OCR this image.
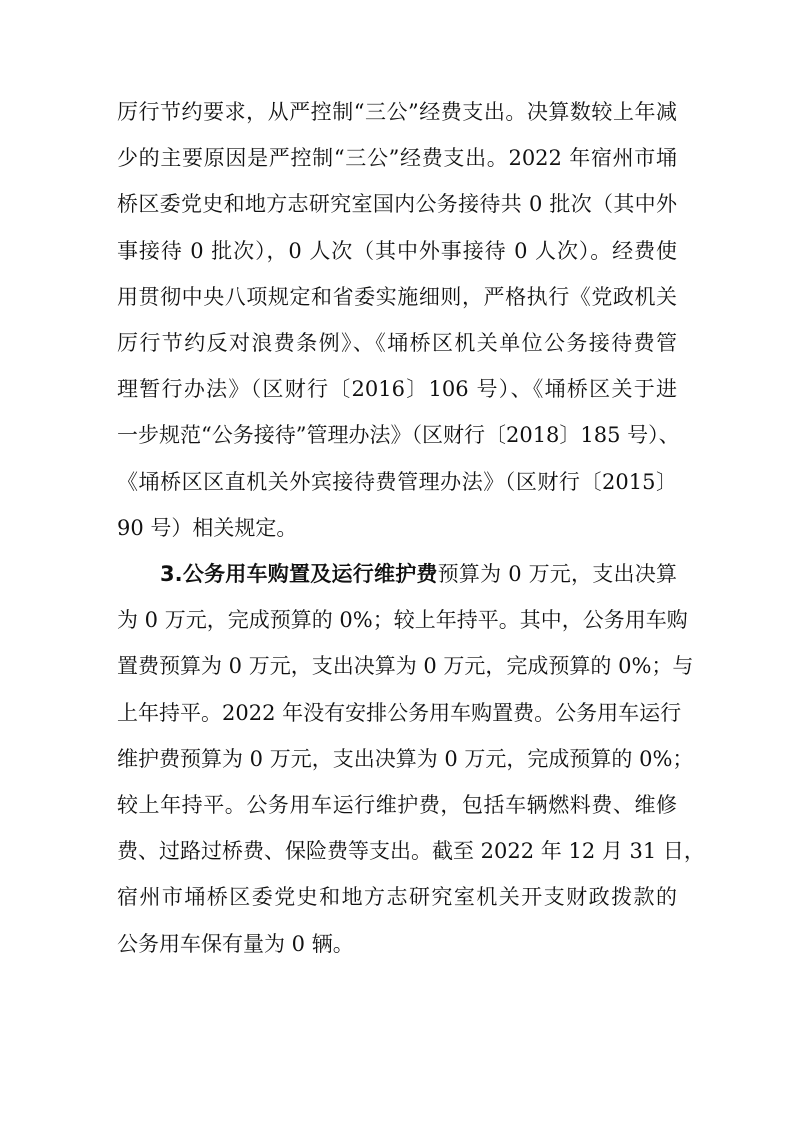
厉行节约要求，从严控制“三公”经费支出。决算数较上年减
少的主要原因是严控制“三公”经费支出。2022 年宿州市埇
桥区委党史和地方志研究室国内公务接待共 0 批次（其中外
事接待 0 批次），0 人次（其中外事接待 0 人次）。经费使
用贯彻中央八项规定和省委实施细则，严格执行《党政机关
厉行节约反对浪费条例》、《埇桥区机关单位公务接待费管
理暂行办法》（区财行〔2016〕106 号）、《埇桥区关于进
一步规范“公务接待”管理办法》（区财行〔2018〕185 号）、
《埇桥区区直机关外宾接待费管理办法》（区财行〔2015〕
90 号）相关规定。
3.公务用车购置及运行维护费预算为 0 万元，支出决算
为 0 万元，完成预算的 0%；较上年持平。其中，公务用车购
置费预算为 0 万元，支出决算为 0 万元，完成预算的 0%；与
上年持平。2022 年没有安排公务用车购置费。公务用车运行
维护费预算为 0 万元，支出决算为 0 万元，完成预算的 0%；
较上年持平。公务用车运行维护费，包括车辆燃料费、维修
费、过路过桥费、保险费等支出。截至 2022 年 12 月 31 日，
宿州市埇桥区委党史和地方志研究室机关开支财政拨款的
公务用车保有量为 0 辆。
